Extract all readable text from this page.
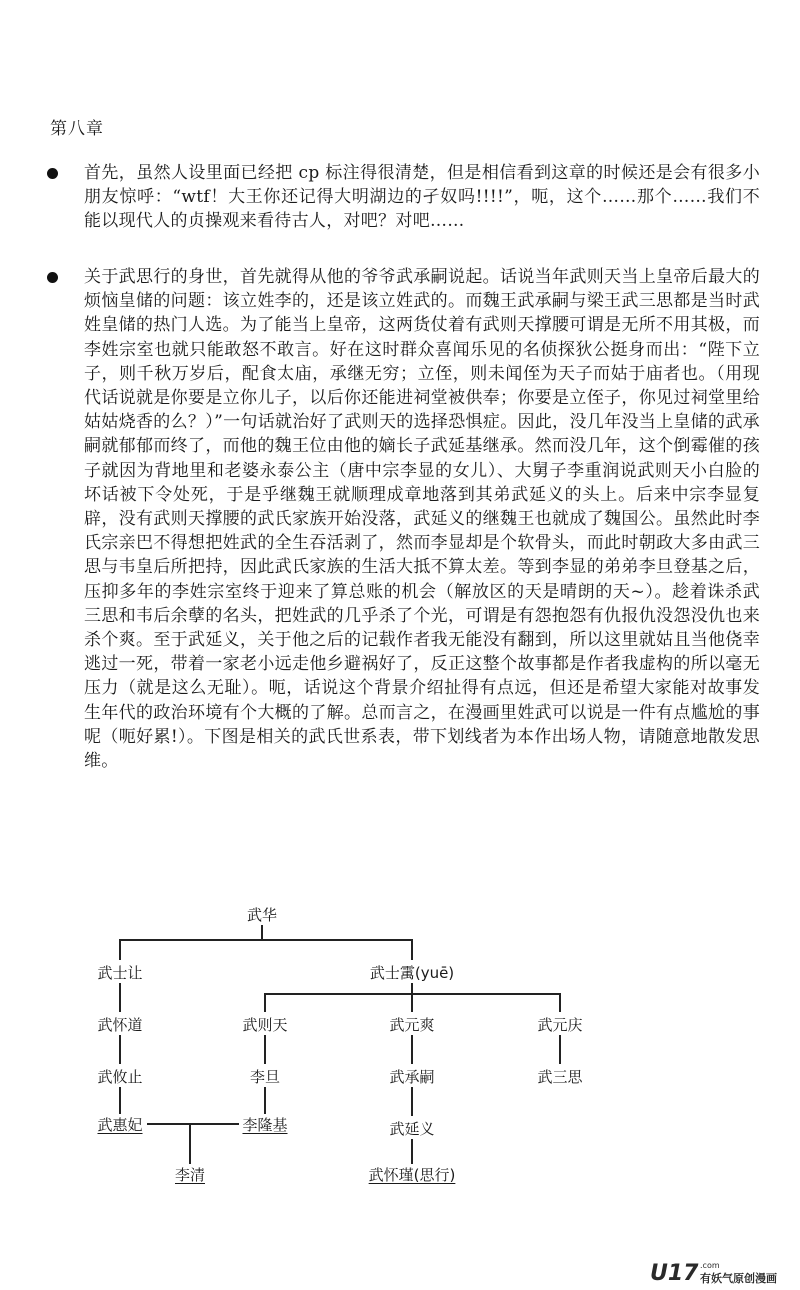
第八章
首先，虽然人设里面已经把 cp 标注得很清楚，但是相信看到这章的时候还是会有很多小朋友惊呼：“wtf！大王你还记得大明湖边的孑奴吗!!!!”，呃，这个……那个……我们不能以现代人的贞操观来看待古人，对吧？对吧……
关于武思行的身世，首先就得从他的爷爷武承嗣说起。话说当年武则天当上皇帝后最大的烦恼皇储的问题：该立姓李的，还是该立姓武的。而魏王武承嗣与梁王武三思都是当时武姓皇储的热门人选。为了能当上皇帝，这两货仗着有武则天撑腰可谓是无所不用其极，而李姓宗室也就只能敢怒不敢言。好在这时群众喜闻乐见的名侦探狄公挺身而出：“陛下立子，则千秋万岁后，配食太庙，承继无穷；立侄，则未闻侄为天子而姑于庙者也。（用现代话说就是你要是立你儿子，以后你还能进祠堂被供奉；你要是立侄子，你见过祠堂里给姑姑烧香的么？）”一句话就治好了武则天的选择恐惧症。因此，没几年没当上皇储的武承嗣就郁郁而终了，而他的魏王位由他的嫡长子武延基继承。然而没几年，这个倒霉催的孩子就因为背地里和老婆永泰公主（唐中宗李显的女儿）、大舅子李重润说武则天小白脸的坏话被下令处死，于是乎继魏王就顺理成章地落到其弟武延义的头上。后来中宗李显复辟，没有武则天撑腰的武氏家族开始没落，武延义的继魏王也就成了魏国公。虽然此时李氏宗亲巴不得想把姓武的全生吞活剥了，然而李显却是个软骨头，而此时朝政大多由武三思与韦皇后所把持，因此武氏家族的生活大抵不算太差。等到李显的弟弟李旦登基之后，压抑多年的李姓宗室终于迎来了算总账的机会（解放区的天是晴朗的天~）。趁着诛杀武三思和韦后余孽的名头，把姓武的几乎杀了个光，可谓是有怨抱怨有仇报仇没怨没仇也来杀个爽。至于武延义，关于他之后的记载作者我无能没有翻到，所以这里就姑且当他侥幸逃过一死，带着一家老小远走他乡避祸好了，反正这整个故事都是作者我虚构的所以毫无压力（就是这么无耻）。呃，话说这个背景介绍扯得有点远，但还是希望大家能对故事发生年代的政治环境有个大概的了解。总而言之，在漫画里姓武可以说是一件有点尴尬的事呢（呃好累!）。下图是相关的武氏世系表，带下划线者为本作出场人物，请随意地散发思维。
武华
武士让	武士䨞(yuē)
武怀道
武攸止
武惠妃
武则天	武元爽	武元庆
李旦
李隆基
武承嗣
武延义
武怀瑾(思行)
武三思
李清
U17 .com
有妖气原创漫画
